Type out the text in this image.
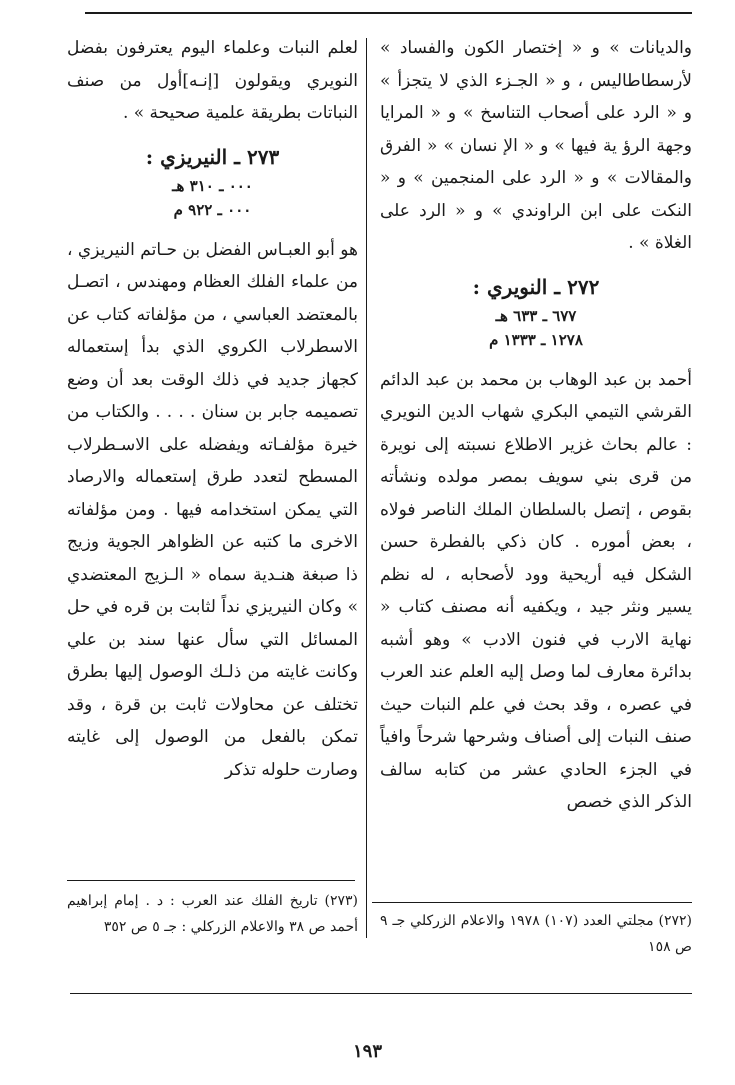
والديانات » و « إختصار الكون والفساد » لأرسطاطاليس ، و « الجـزء الذي لا يتجزأ » و « الرد على أصحاب التناسخ » و « المرايا وجهة الرؤ ية فيها » و « الإ نسان » « الفرق والمقالات » و « الرد على المنجمين » و « النكت على ابن الراوندي » و « الرد على الغلاة » .

٢٧٢ ـ النويري :

٦٧٧ ـ ٦٣٣ هـ

١٢٧٨ ـ ١٣٣٣ م

أحمد بن عبد الوهاب بن محمد بن عبد الدائم القرشي التيمي البكري شهاب الدين النويري : عالم بحاث غزير الاطلاع نسبته إلى نويرة من قرى بني سويف بمصر مولده ونشأته بقوص ، إتصل بالسلطان الملك الناصر فولاه ، بعض أموره . كان ذكي بالفطرة حسن الشكل فيه أريحية وود لأصحابه ، له نظم يسير ونثر جيد ، ويكفيه أنه مصنف كتاب « نهاية الارب في فنون الادب » وهو أشبه بدائرة معارف لما وصل إليه العلم عند العرب في عصره ، وقد بحث في علم النبات حيث صنف النبات إلى أصناف وشرحها شرحاً وافياً في الجزء الحادي عشر من كتابه سالف الذكر الذي خصص

لعلم النبات وعلماء اليوم يعترفون بفضل النويري ويقولون [إنـه]أول من صنف النباتات بطريقة علمية صحيحة » .

٢٧٣ ـ النيريزي :

٠٠٠ ـ ٣١٠ هـ

٠٠٠ ـ ٩٢٢ م

هو أبو العبـاس الفضل بن حـاتم النيريزي ، من علماء الفلك العظام ومهندس ، اتصـل بالمعتضد العباسي ، من مؤلفاته كتاب عن الاسطرلاب الكروي الذي بدأ إستعماله كجهاز جديد في ذلك الوقت بعد أن وضع تصميمه جابر بن سنان . . . . والكتاب من خيرة مؤلفـاته ويفضله على الاسـطرلاب المسطح لتعدد طرق إستعماله والارصاد التي يمكن استخدامه فيها . ومن مؤلفاته الاخرى ما كتبه عن الظواهر الجوية وزيج ذا صبغة هنـدية سماه « الـزيج المعتضدي » وكان النيريزي نداً لثابت بن قره في حل المسائل التي سأل عنها سند بن علي وكانت غايته من ذلـك الوصول إليها بطرق تختلف عن محاولات ثابت بن قرة ، وقد تمكن بالفعل من الوصول إلى غايته وصارت حلوله تذكر

(٢٧٢) مجلتي العدد (١٠٧) ١٩٧٨ والاعلام الزركلي جـ ٩ ص ١٥٨

(٢٧٣) تاريخ الفلك عند العرب : د . إمام إبراهيم أحمد ص ٣٨ والاعلام الزركلي : جـ ٥ ص ٣٥٢

١٩٣
